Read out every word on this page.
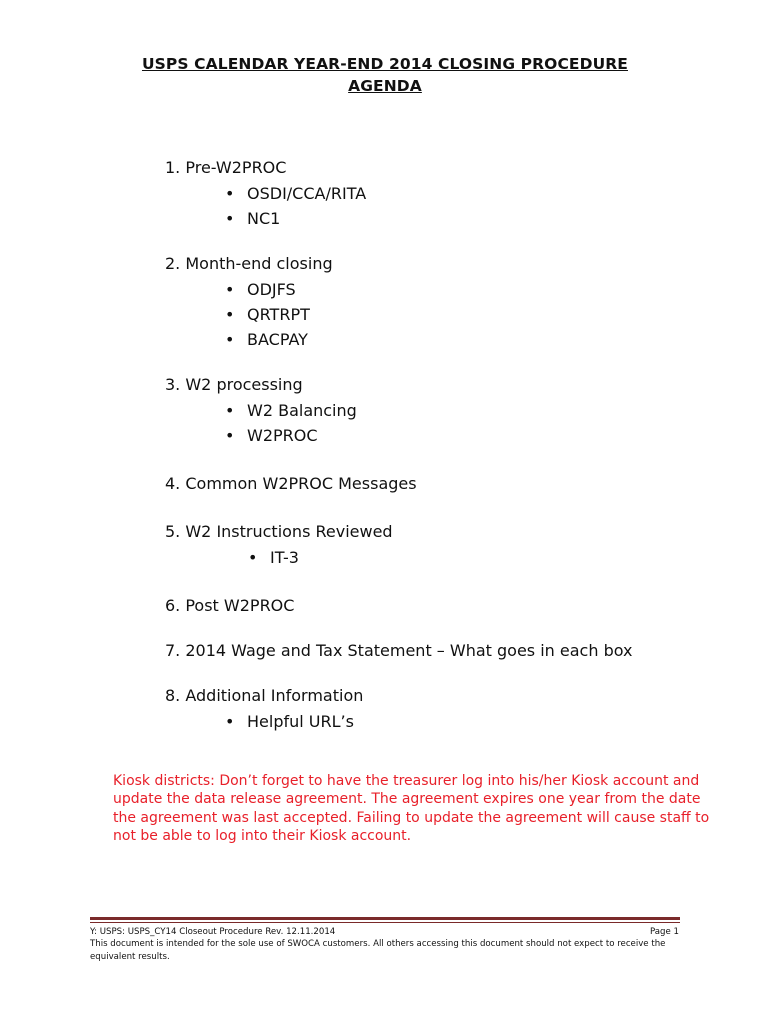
USPS CALENDAR YEAR-END 2014 CLOSING PROCEDURE
AGENDA
1. Pre-W2PROC
• OSDI/CCA/RITA
• NC1
2. Month-end closing
• ODJFS
• QRTRPT
• BACPAY
3. W2 processing
• W2 Balancing
• W2PROC
4. Common W2PROC Messages
5. W2 Instructions Reviewed
• IT-3
6. Post W2PROC
7. 2014 Wage and Tax Statement – What goes in each box
8. Additional Information
• Helpful URL’s
Kiosk districts: Don’t forget to have the treasurer log into his/her Kiosk account and update the data release agreement. The agreement expires one year from the date the agreement was last accepted. Failing to update the agreement will cause staff to not be able to log into their Kiosk account.
Y: USPS: USPS_CY14 Closeout Procedure Rev. 12.11.2014	Page 1
This document is intended for the sole use of SWOCA customers. All others accessing this document should not expect to receive the equivalent results.
